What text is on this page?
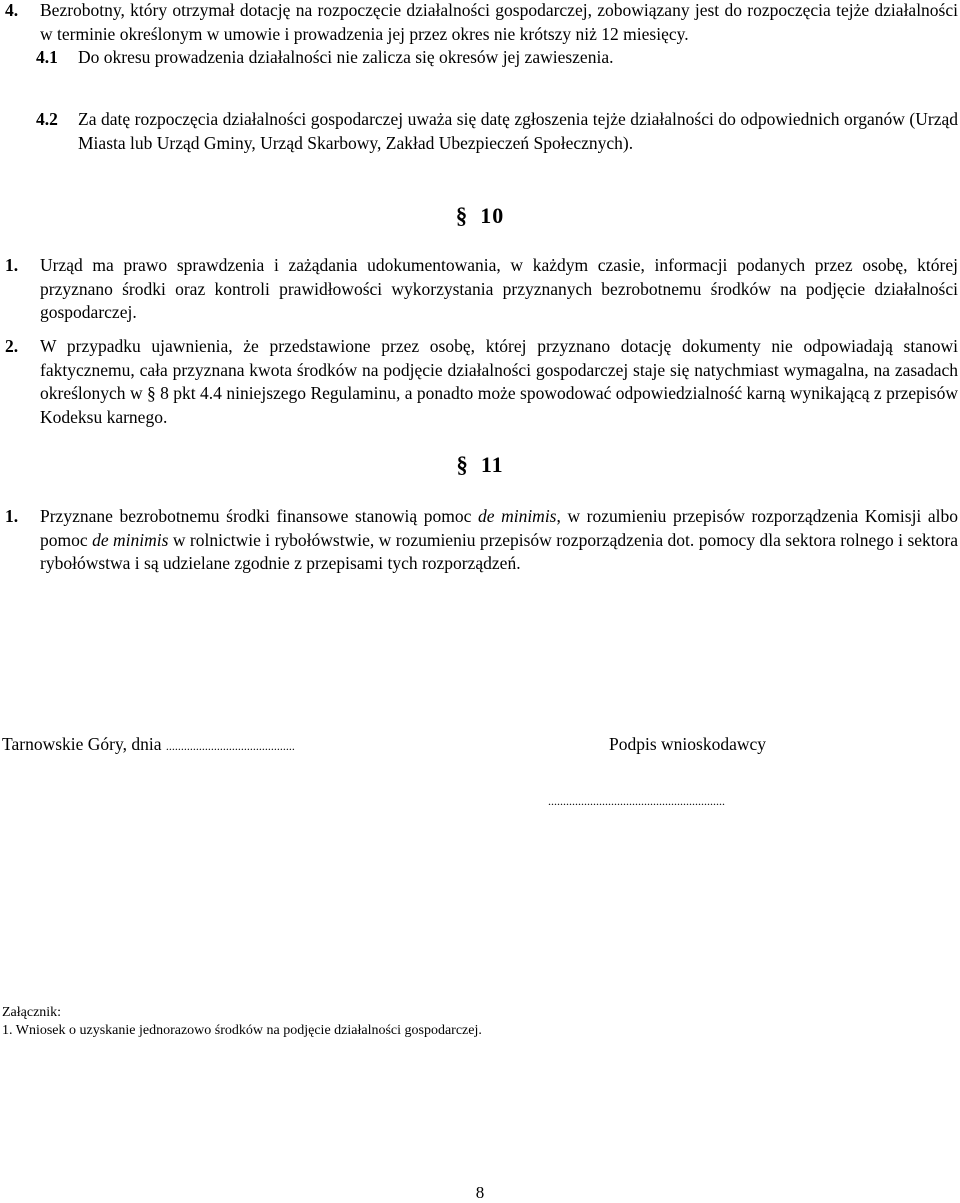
4. Bezrobotny, który otrzymał dotację na rozpoczęcie działalności gospodarczej, zobowiązany jest do rozpoczęcia tejże działalności w terminie określonym w umowie i prowadzenia jej przez okres nie krótszy niż 12 miesięcy.
4.1 Do okresu prowadzenia działalności nie zalicza się okresów jej zawieszenia.
4.2 Za datę rozpoczęcia działalności gospodarczej uważa się datę zgłoszenia tejże działalności do odpowiednich organów (Urząd Miasta lub Urząd Gminy, Urząd Skarbowy, Zakład Ubezpieczeń Społecznych).
§ 10
1. Urząd ma prawo sprawdzenia i zażądania udokumentowania, w każdym czasie, informacji podanych przez osobę, której przyznano środki oraz kontroli prawidłowości wykorzystania przyznanych bezrobotnemu środków na podjęcie działalności gospodarczej.
2. W przypadku ujawnienia, że przedstawione przez osobę, której przyznano dotację dokumenty nie odpowiadają stanowi faktycznemu, cała przyznana kwota środków na podjęcie działalności gospodarczej staje się natychmiast wymagalna, na zasadach określonych w § 8 pkt 4.4 niniejszego Regulaminu, a ponadto może spowodować odpowiedzialność karną wynikającą z przepisów Kodeksu karnego.
§ 11
1. Przyznane bezrobotnemu środki finansowe stanowią pomoc de minimis, w rozumieniu przepisów rozporządzenia Komisji albo pomoc de minimis w rolnictwie i rybołówstwie, w rozumieniu przepisów rozporządzenia dot. pomocy dla sektora rolnego i sektora rybołówstwa i są udzielane zgodnie z przepisami tych rozporządzeń.
Tarnowskie Góry, dnia ...........................................	Podpis wnioskodawcy
...........................................................
Załącznik:
1. Wniosek o uzyskanie jednorazowo środków na podjęcie działalności gospodarczej.
8
